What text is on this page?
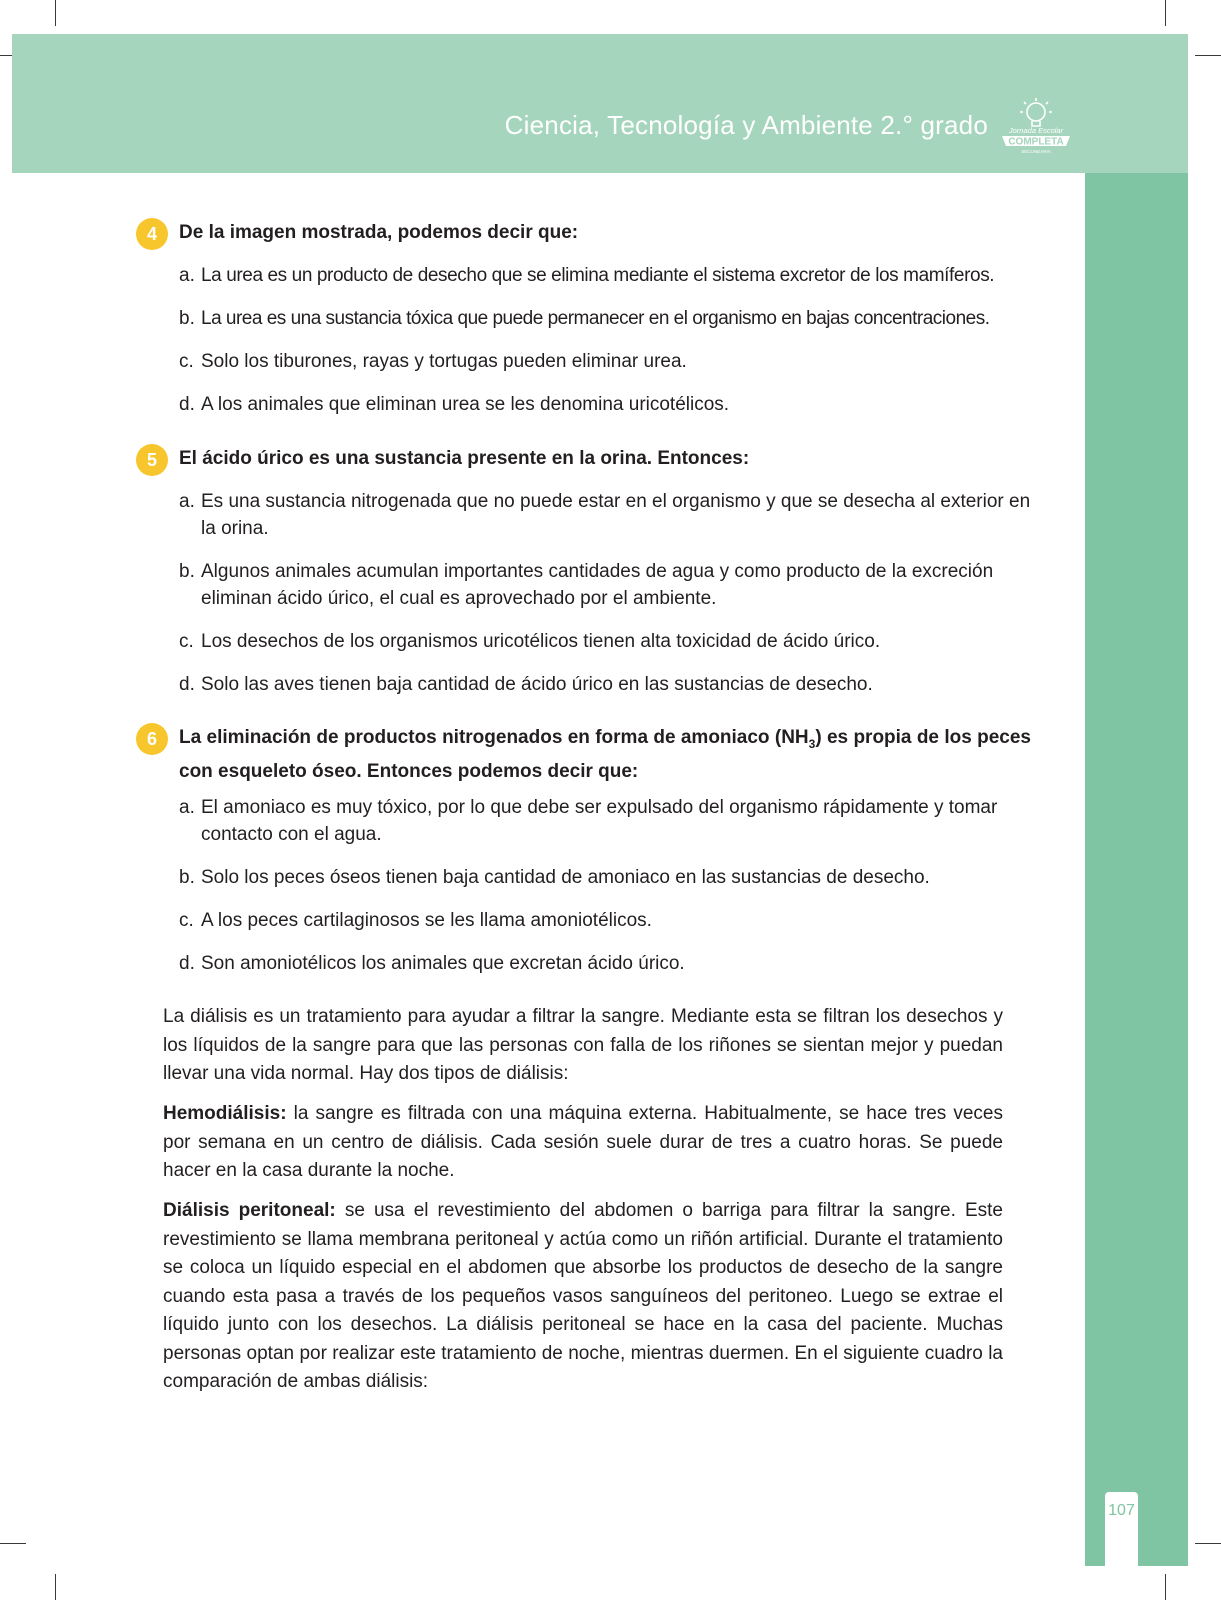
Ciencia, Tecnología y Ambiente 2.° grado	Jornada Escolar
COMPLETA
SECUNDARIA
107
4	De la imagen mostrada, podemos decir que:
a. La urea es un producto de desecho que se elimina mediante el sistema excretor de los mamíferos.
b. La urea es una sustancia tóxica que puede permanecer en el organismo en bajas concentraciones.
c. Solo los tiburones, rayas y tortugas pueden eliminar urea.
d. A los animales que eliminan urea se les denomina uricotélicos.
5	El ácido úrico es una sustancia presente en la orina. Entonces:
a. Es una sustancia nitrogenada que no puede estar en el organismo y que se desecha al exterior en la orina.
b. Algunos animales acumulan importantes cantidades de agua y como producto de la excreción eliminan ácido úrico, el cual es aprovechado por el ambiente.
c. Los desechos de los organismos uricotélicos tienen alta toxicidad de ácido úrico.
d. Solo las aves tienen baja cantidad de ácido úrico en las sustancias de desecho.
6	La eliminación de productos nitrogenados en forma de amoniaco $(NH_3)$ es propia de los peces con esqueleto óseo. Entonces podemos decir que:
a. El amoniaco es muy tóxico, por lo que debe ser expulsado del organismo rápidamente y tomar contacto con el agua.
b. Solo los peces óseos tienen baja cantidad de amoniaco en las sustancias de desecho.
c. A los peces cartilaginosos se les llama amoniotélicos.
d. Son amoniotélicos los animales que excretan ácido úrico.
La diálisis es un tratamiento para ayudar a filtrar la sangre. Mediante esta se filtran los desechos y los líquidos de la sangre para que las personas con falla de los riñones se sientan mejor y puedan llevar una vida normal. Hay dos tipos de diálisis:
Hemodiálisis: la sangre es filtrada con una máquina externa. Habitualmente, se hace tres veces por semana en un centro de diálisis. Cada sesión suele durar de tres a cuatro horas. Se puede hacer en la casa durante la noche.
Diálisis peritoneal: se usa el revestimiento del abdomen o barriga para filtrar la sangre. Este revestimiento se llama membrana peritoneal y actúa como un riñón artificial. Durante el tratamiento se coloca un líquido especial en el abdomen que absorbe los productos de desecho de la sangre cuando esta pasa a través de los pequeños vasos sanguíneos del peritoneo. Luego se extrae el líquido junto con los desechos. La diálisis peritoneal se hace en la casa del paciente. Muchas personas optan por realizar este tratamiento de noche, mientras duermen. En el siguiente cuadro la comparación de ambas diálisis:
